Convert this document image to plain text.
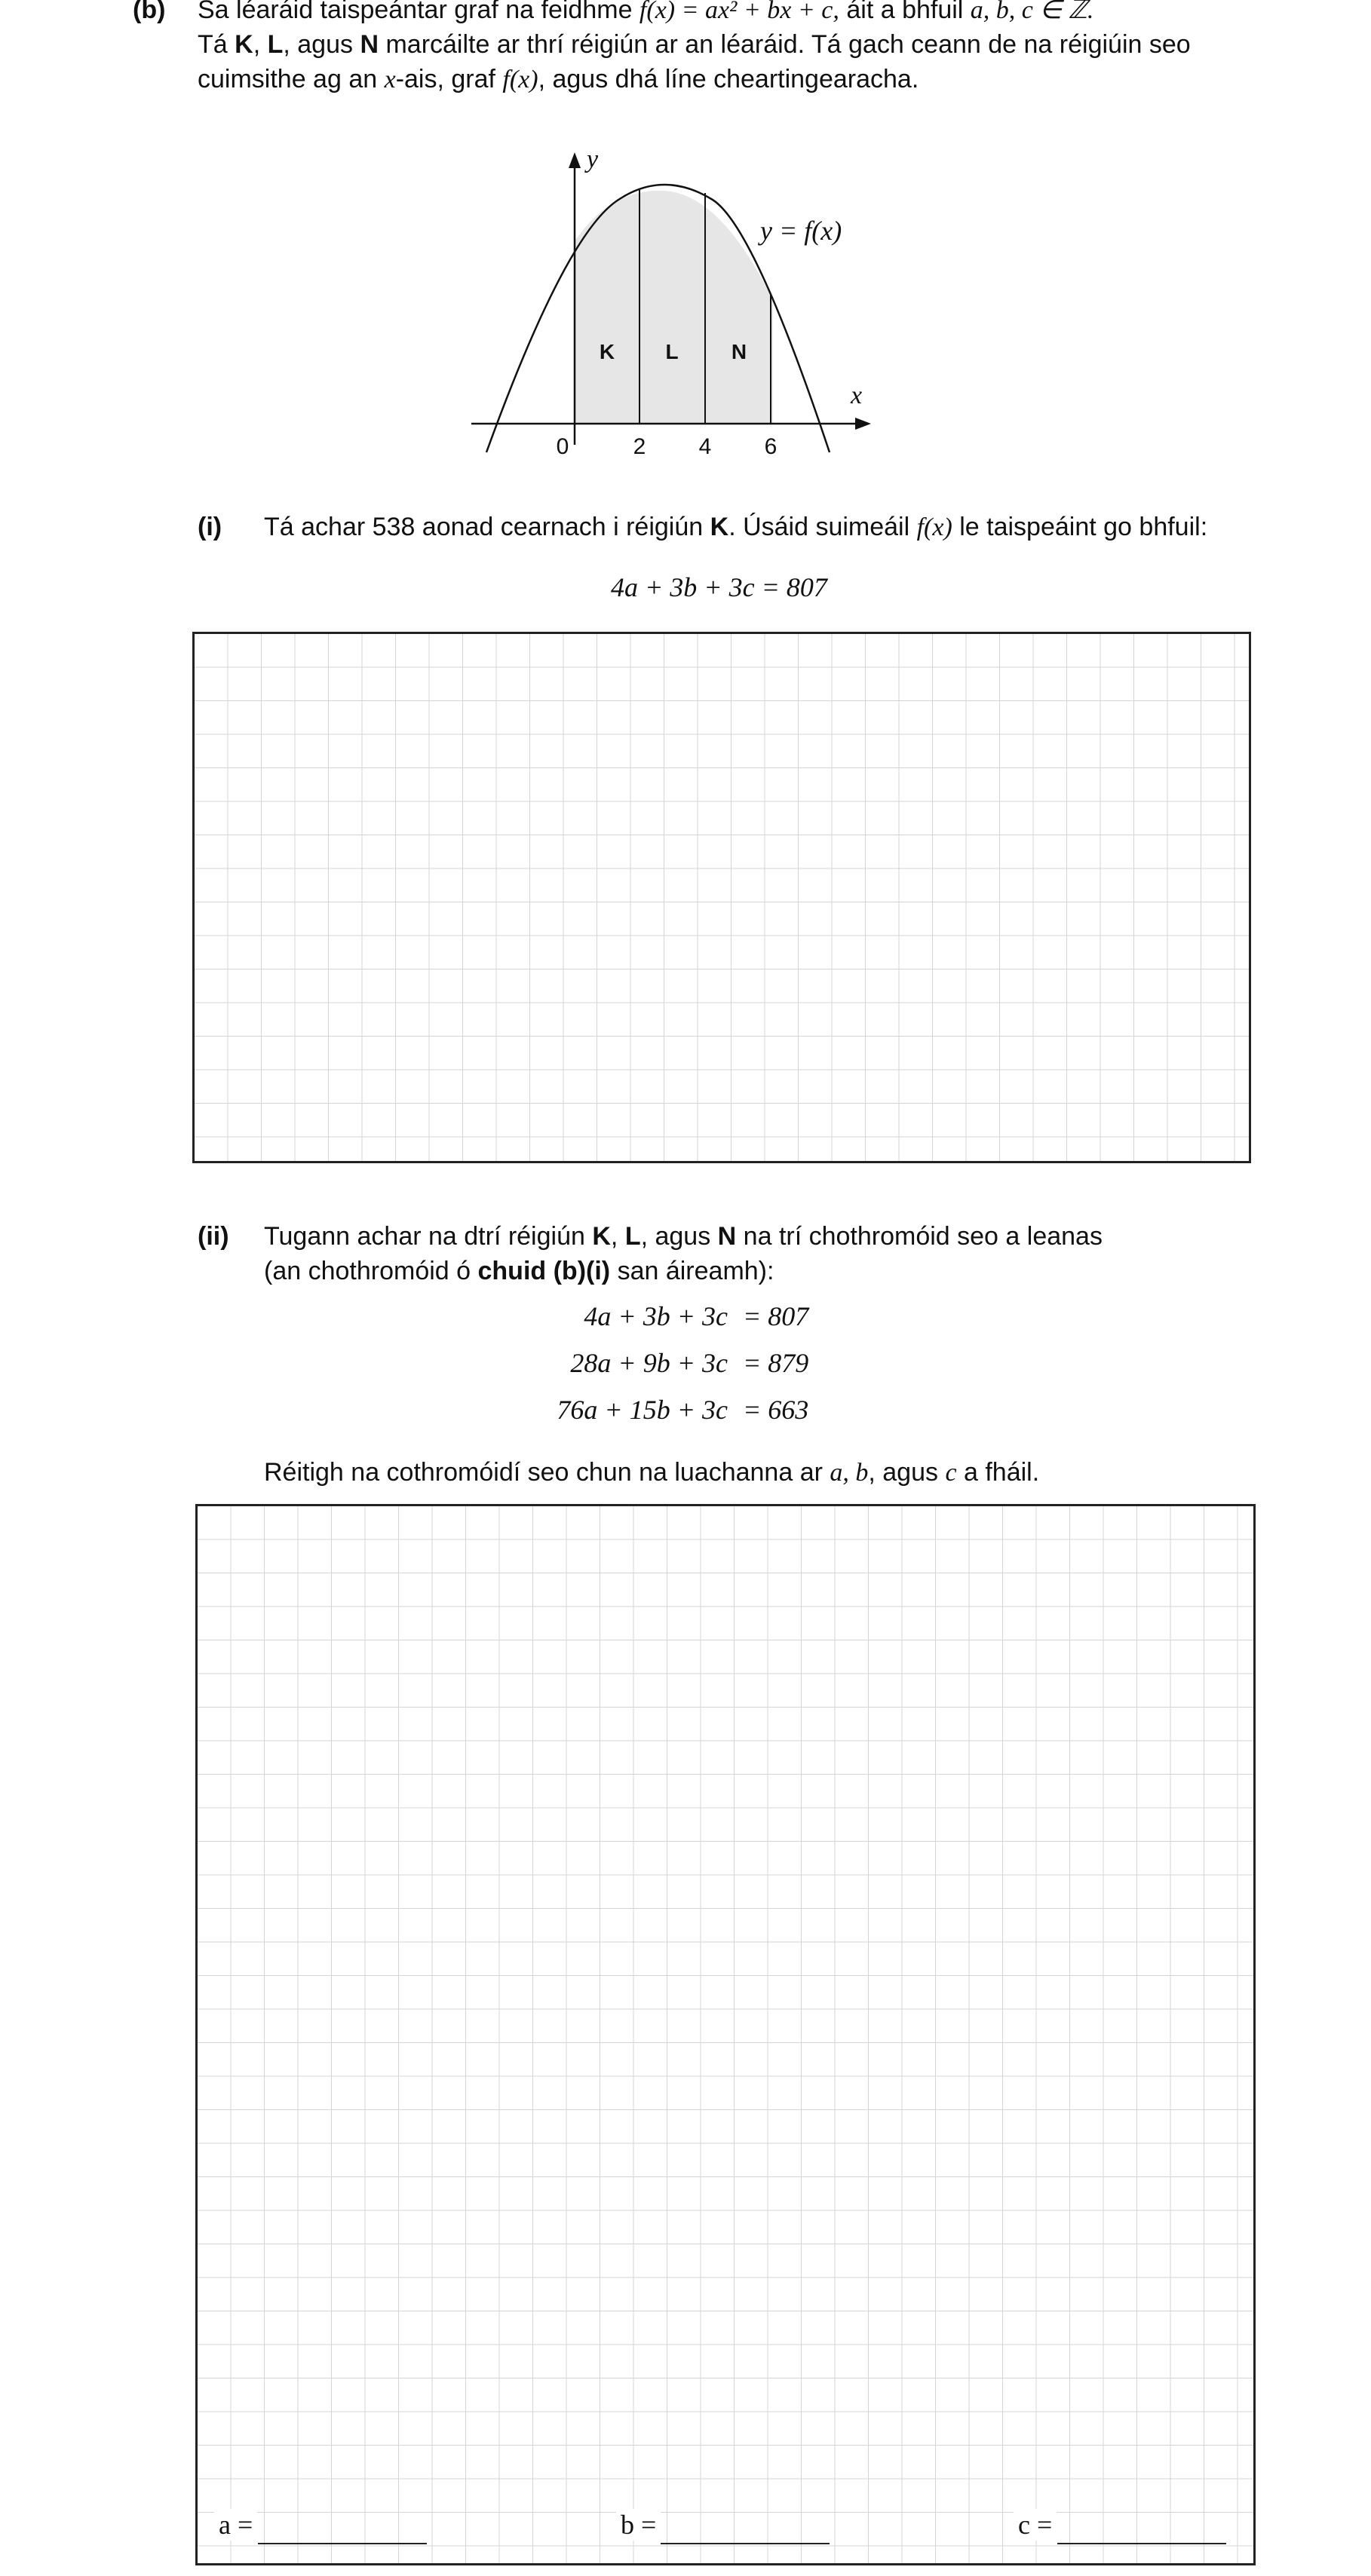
(b) Sa léaráid taispeántar graf na feidhme f(x) = ax² + bx + c, áit a bhfuil a, b, c ∈ ℤ.
Tá K, L, agus N marcáilte ar thrí réigiún ar an léaráid. Tá gach ceann de na réigiúin seo
cuimsithe ag an x-ais, graf f(x), agus dhá líne cheartingearacha.
y
x
y = f(x)
K L	N
0	2 4 6
(i) Tá achar 538 aonad cearnach i réigiún K. Úsáid suimeáil f(x) le taispeáint go bhfuil:
4a + 3b + 3c = 807
(ii) Tugann achar na dtrí réigiún K, L, agus N na trí chothromóid seo a leanas
(an chothromóid ó chuid (b)(i) san áireamh):
4a + 3b + 3c = 807
28a + 9b + 3c = 879
76a + 15b + 3c = 663
Réitigh na cothromóidí seo chun na luachanna ar a, b, agus c a fháil.
a =	b =	c =
